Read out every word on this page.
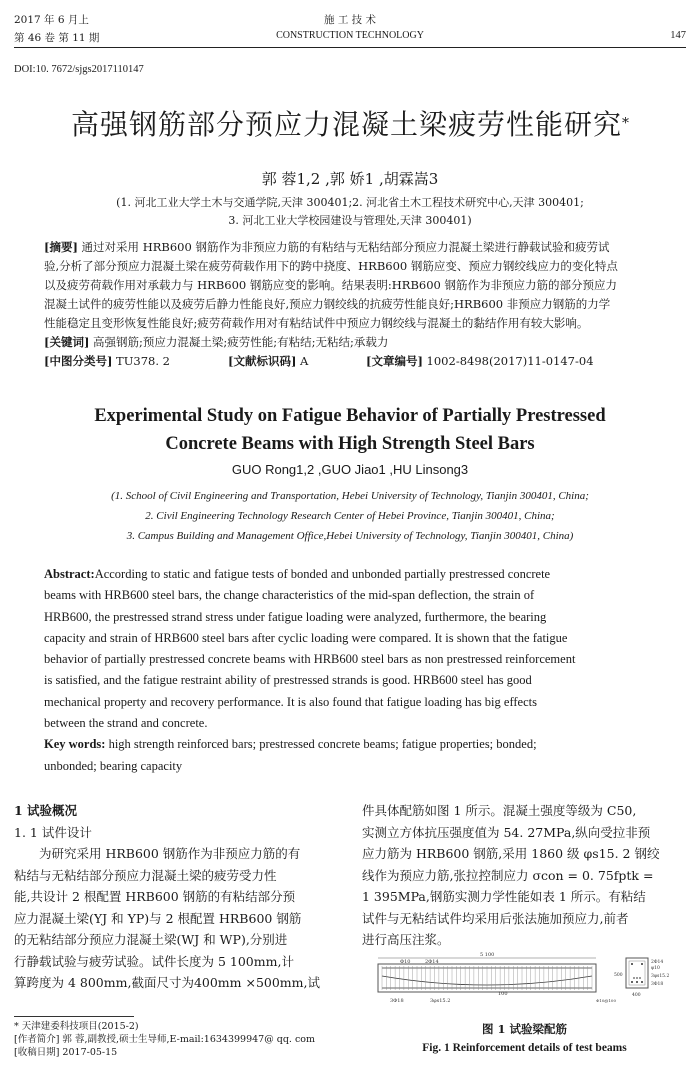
2017 年 6 月上
第 46 卷 第 11 期
施 工 技 术
CONSTRUCTION TECHNOLOGY	147
DOI:10. 7672/sjgs2017110147
高强钢筋部分预应力混凝土梁疲劳性能研究*
郭 蓉1,2 ,郭 娇1 ,胡霖嵩3
(1. 河北工业大学土木与交通学院,天津 300401;2. 河北省土木工程技术研究中心,天津 300401;
3. 河北工业大学校园建设与管理处,天津 300401)
[摘要] 通过对采用 HRB600 钢筋作为非预应力筋的有粘结与无粘结部分预应力混凝土梁进行静载试验和疲劳试
验,分析了部分预应力混凝土梁在疲劳荷载作用下的跨中挠度、HRB600 钢筋应变、预应力钢绞线应力的变化特点
以及疲劳荷载作用对承载力与 HRB600 钢筋应变的影响。结果表明:HRB600 钢筋作为非预应力筋的部分预应力
混凝土试件的疲劳性能以及疲劳后静力性能良好,预应力钢绞线的抗疲劳性能良好;HRB600 非预应力钢筋的力学
性能稳定且变形恢复性能良好;疲劳荷载作用对有粘结试件中预应力钢绞线与混凝土的黏结作用有较大影响。
[关键词] 高强钢筋;预应力混凝土梁;疲劳性能;有粘结;无粘结;承载力
[中图分类号] TU378. 2	[文献标识码] A	[文章编号] 1002-8498(2017)11-0147-04
Experimental Study on Fatigue Behavior of Partially Prestressed
Concrete Beams with High Strength Steel Bars
GUO Rong1,2 ,GUO Jiao1 ,HU Linsong3
(1. School of Civil Engineering and Transportation, Hebei University of Technology, Tianjin 300401, China;
2. Civil Engineering Technology Research Center of Hebei Province, Tianjin 300401, China;
3. Campus Building and Management Office,Hebei University of Technology, Tianjin 300401, China)
Abstract:According to static and fatigue tests of bonded and unbonded partially prestressed concrete
beams with HRB600 steel bars, the change characteristics of the mid-span deflection, the strain of
HRB600, the prestressed strand stress under fatigue loading were analyzed, furthermore, the bearing
capacity and strain of HRB600 steel bars after cyclic loading were compared. It is shown that the fatigue
behavior of partially prestressed concrete beams with HRB600 steel bars as non prestressed reinforcement
is satisfied, and the fatigue restraint ability of prestressed strands is good. HRB600 steel has good
mechanical property and recovery performance. It is also found that fatigue loading has big effects
between the strand and concrete.
Key words: high strength reinforced bars; prestressed concrete beams; fatigue properties; bonded;
unbonded; bearing capacity
1 试验概况
1. 1 试件设计
为研究采用 HRB600 钢筋作为非预应力筋的有
粘结与无粘结部分预应力混凝土梁的疲劳受力性
能,共设计 2 根配置 HRB600 钢筋的有粘结部分预
应力混凝土梁(YJ 和 YP)与 2 根配置 HRB600 钢筋
的无粘结部分预应力混凝土梁(WJ 和 WP),分别进
行静载试验与疲劳试验。试件长度为 5 100mm,计
算跨度为 4 800mm,截面尺寸为400mm ×500mm,试
* 天津建委科技项目(2015-2)
[作者简介] 郭 蓉,副教授,硕士生导师,E-mail:1634399947@ qq. com
[收稿日期] 2017-05-15
件具体配筋如图 1 所示。混凝土强度等级为 C50,
实测立方体抗压强度值为 54. 27MPa,纵向受拉非预
应力筋为 HRB600 钢筋,采用 1860 级 φs15. 2 钢绞
线作为预应力筋,张拉控制应力 σcon = 0. 75fptk =
1 395MPa,钢筋实测力学性能如表 1 所示。有粘结
试件与无粘结试件均采用后张法施加预应力,前者
进行高压注浆。
5 100
Φ10	2Φ14
3Φ18	3φs15.2
100
500
400
2Φ14
φ10
3φs15.2
3Φ18
Φ10@100
图 1 试验梁配筋
Fig. 1 Reinforcement details of test beams
